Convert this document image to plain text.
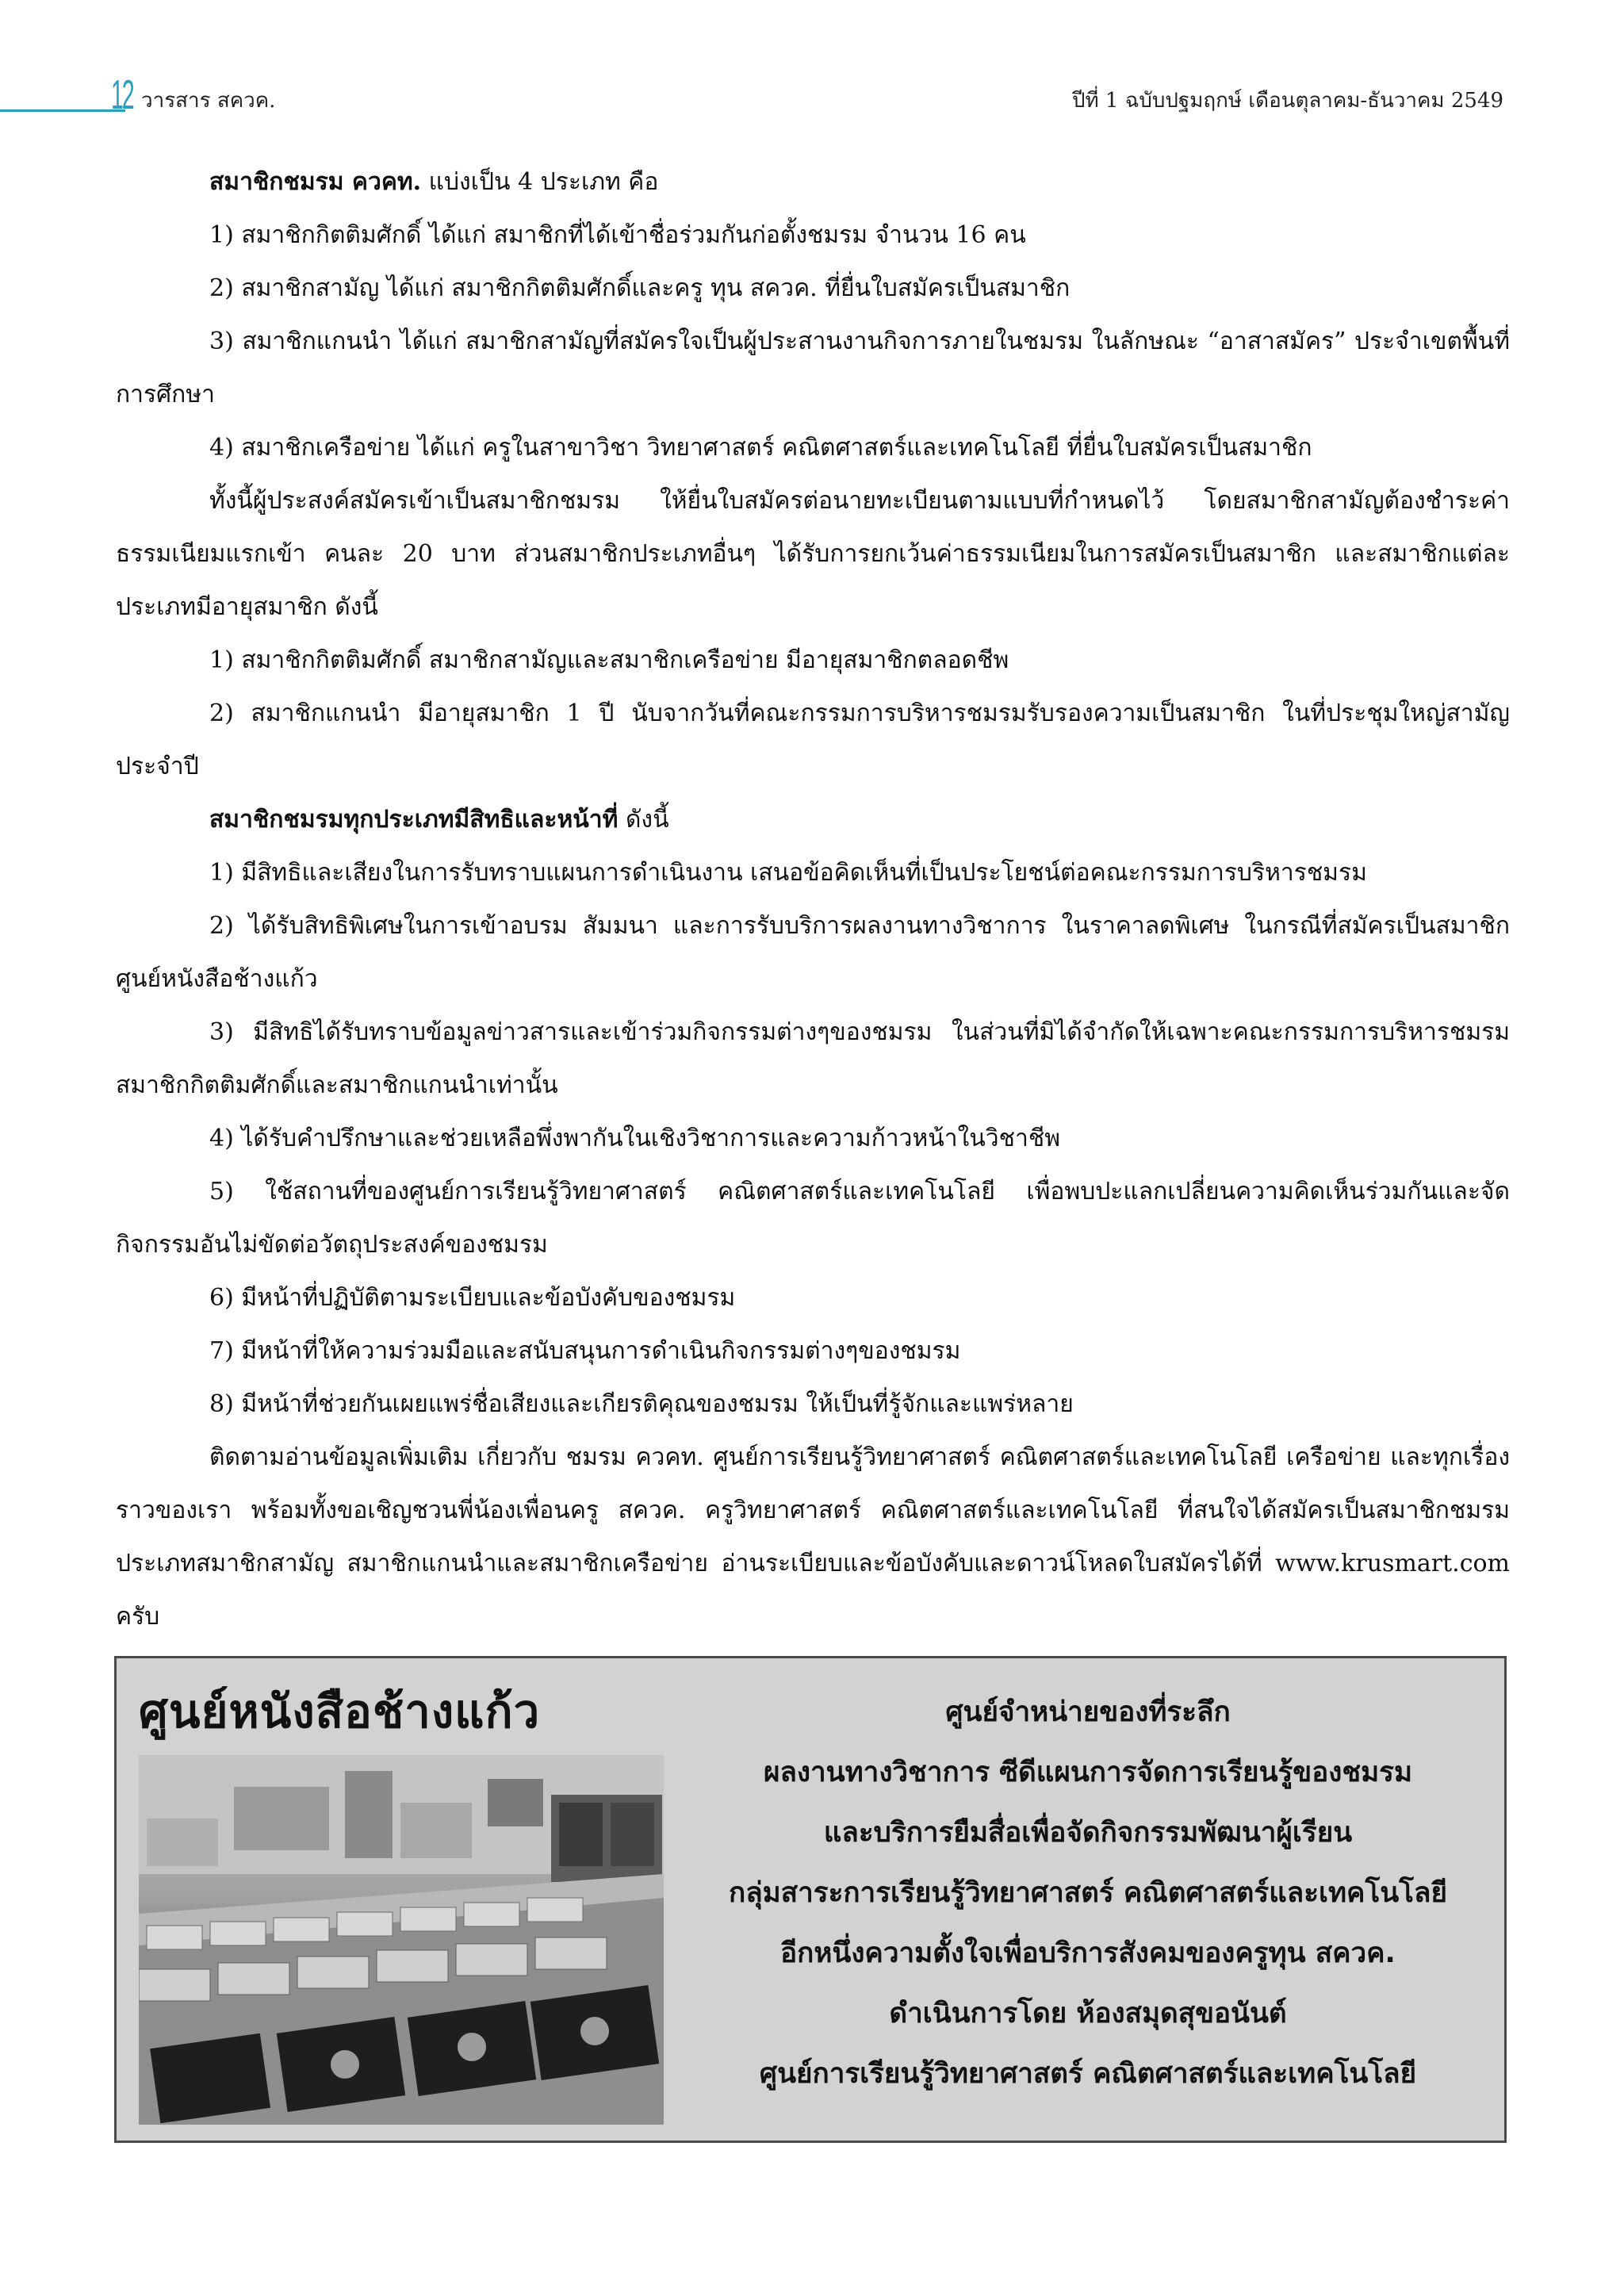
12 วารสาร สควค.	ปีที่ 1 ฉบับปฐมฤกษ์ เดือนตุลาคม-ธันวาคม 2549

สมาชิกชมรม ควคท. แบ่งเป็น 4 ประเภท คือ

1) สมาชิกกิตติมศักดิ์ ได้แก่ สมาชิกที่ได้เข้าชื่อร่วมกันก่อตั้งชมรม จำนวน 16 คน

2) สมาชิกสามัญ ได้แก่ สมาชิกกิตติมศักดิ์และครู ทุน สควค. ที่ยื่นใบสมัครเป็นสมาชิก

3) สมาชิกแกนนำ ได้แก่ สมาชิกสามัญที่สมัครใจเป็นผู้ประสานงานกิจการภายในชมรม ในลักษณะ “อาสาสมัคร” ประจำเขตพื้นที่การศึกษา

4) สมาชิกเครือข่าย ได้แก่ ครูในสาขาวิชา วิทยาศาสตร์ คณิตศาสตร์และเทคโนโลยี ที่ยื่นใบสมัครเป็นสมาชิก

ทั้งนี้ผู้ประสงค์สมัครเข้าเป็นสมาชิกชมรม ให้ยื่นใบสมัครต่อนายทะเบียนตามแบบที่กำหนดไว้ โดยสมาชิกสามัญต้องชำระค่าธรรมเนียมแรกเข้า คนละ 20 บาท ส่วนสมาชิกประเภทอื่นๆ ได้รับการยกเว้นค่าธรรมเนียมในการสมัครเป็นสมาชิก และสมาชิกแต่ละประเภทมีอายุสมาชิก ดังนี้

1) สมาชิกกิตติมศักดิ์ สมาชิกสามัญและสมาชิกเครือข่าย มีอายุสมาชิกตลอดชีพ

2) สมาชิกแกนนำ มีอายุสมาชิก 1 ปี นับจากวันที่คณะกรรมการบริหารชมรมรับรองความเป็นสมาชิก ในที่ประชุมใหญ่สามัญประจำปี

สมาชิกชมรมทุกประเภทมีสิทธิและหน้าที่ ดังนี้

1) มีสิทธิและเสียงในการรับทราบแผนการดำเนินงาน เสนอข้อคิดเห็นที่เป็นประโยชน์ต่อคณะกรรมการบริหารชมรม

2) ได้รับสิทธิพิเศษในการเข้าอบรม สัมมนา และการรับบริการผลงานทางวิชาการ ในราคาลดพิเศษ ในกรณีที่สมัครเป็นสมาชิกศูนย์หนังสือช้างแก้ว

3) มีสิทธิได้รับทราบข้อมูลข่าวสารและเข้าร่วมกิจกรรมต่างๆของชมรม ในส่วนที่มิได้จำกัดให้เฉพาะคณะกรรมการบริหารชมรม สมาชิกกิตติมศักดิ์และสมาชิกแกนนำเท่านั้น

4) ได้รับคำปรึกษาและช่วยเหลือพึ่งพากันในเชิงวิชาการและความก้าวหน้าในวิชาชีพ

5) ใช้สถานที่ของศูนย์การเรียนรู้วิทยาศาสตร์ คณิตศาสตร์และเทคโนโลยี เพื่อพบปะแลกเปลี่ยนความคิดเห็นร่วมกันและจัดกิจกรรมอันไม่ขัดต่อวัตถุประสงค์ของชมรม

6) มีหน้าที่ปฏิบัติตามระเบียบและข้อบังคับของชมรม

7) มีหน้าที่ให้ความร่วมมือและสนับสนุนการดำเนินกิจกรรมต่างๆของชมรม

8) มีหน้าที่ช่วยกันเผยแพร่ชื่อเสียงและเกียรติคุณของชมรม ให้เป็นที่รู้จักและแพร่หลาย

ติดตามอ่านข้อมูลเพิ่มเติม เกี่ยวกับ ชมรม ควคท. ศูนย์การเรียนรู้วิทยาศาสตร์ คณิตศาสตร์และเทคโนโลยี เครือข่าย และทุกเรื่องราวของเรา พร้อมทั้งขอเชิญชวนพี่น้องเพื่อนครู สควค. ครูวิทยาศาสตร์ คณิตศาสตร์และเทคโนโลยี ที่สนใจได้สมัครเป็นสมาชิกชมรม ประเภทสมาชิกสามัญ สมาชิกแกนนำและสมาชิกเครือข่าย อ่านระเบียบและข้อบังคับและดาวน์โหลดใบสมัครได้ที่ www.krusmart.com ครับ

ศูนย์หนังสือช้างแก้ว	ศูนย์จำหน่ายของที่ระลึก
ผลงานทางวิชาการ ซีดีแผนการจัดการเรียนรู้ของชมรม
และบริการยืมสื่อเพื่อจัดกิจกรรมพัฒนาผู้เรียน
กลุ่มสาระการเรียนรู้วิทยาศาสตร์ คณิตศาสตร์และเทคโนโลยี
อีกหนึ่งความตั้งใจเพื่อบริการสังคมของครูทุน สควค.
ดำเนินการโดย ห้องสมุดสุขอนันต์
ศูนย์การเรียนรู้วิทยาศาสตร์ คณิตศาสตร์และเทคโนโลยี
